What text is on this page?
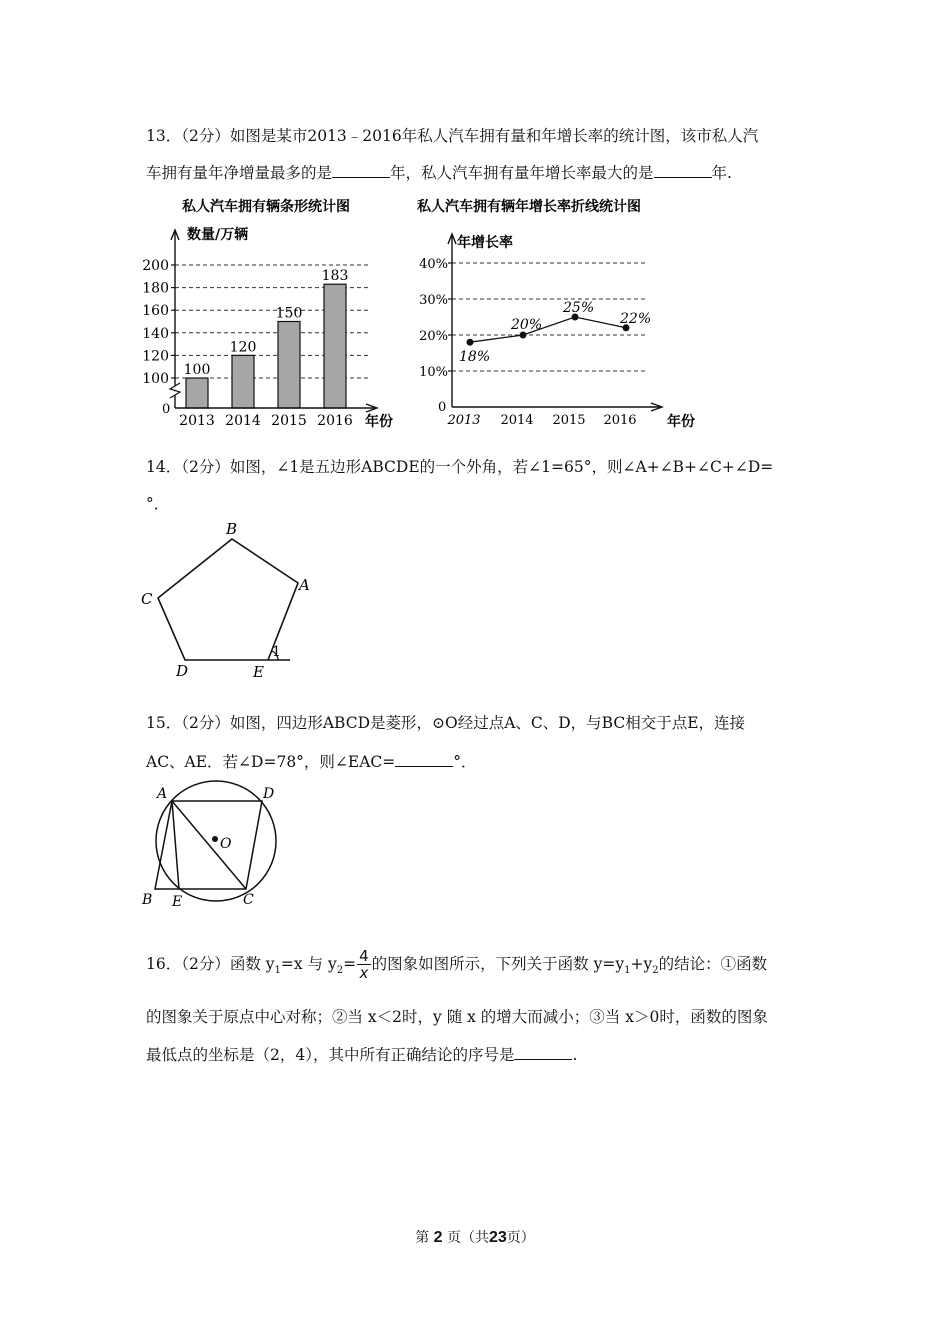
13．（2分）如图是某市2013﹣2016年私人汽车拥有量和年增长率的统计图，该市私人汽
车拥有量年净增量最多的是	年，私人汽车拥有量年增长率最大的是	年.
私人汽车拥有辆条形统计图
数量/万辆
年份
0
100
120
140
160
180
200
100
2013
120
2014
150
2015
183
2016
私人汽车拥有辆年增长率折线统计图
年增长率
年份
0
10%
20%
30%
40%
18%
2013
20%
2014
25%
2015
22%
2016
14．（2分）如图，∠1是五边形ABCDE的一个外角，若∠1=65°，则∠A+∠B+∠C+∠D=
°．
B
A
C
D	E
1
15．（2分）如图，四边形ABCD是菱形，⊙O经过点A、C、D，与BC相交于点E，连接
AC、AE．若∠D=78°，则∠EAC=	°．
A	D
O
B E	C
16．（2分）函数 $y_1=x$ 与 $y_2= \frac{4}{x}$ 的图象如图所示，下列关于函数 $y=y_1+y_2$的结论：①函数
的图象关于原点中心对称；②当 x＜2时，y 随 x 的增大而减小；③当 x＞0时，函数的图象
最低点的坐标是（2，4），其中所有正确结论的序号是	.
第 2 页（共23页）
